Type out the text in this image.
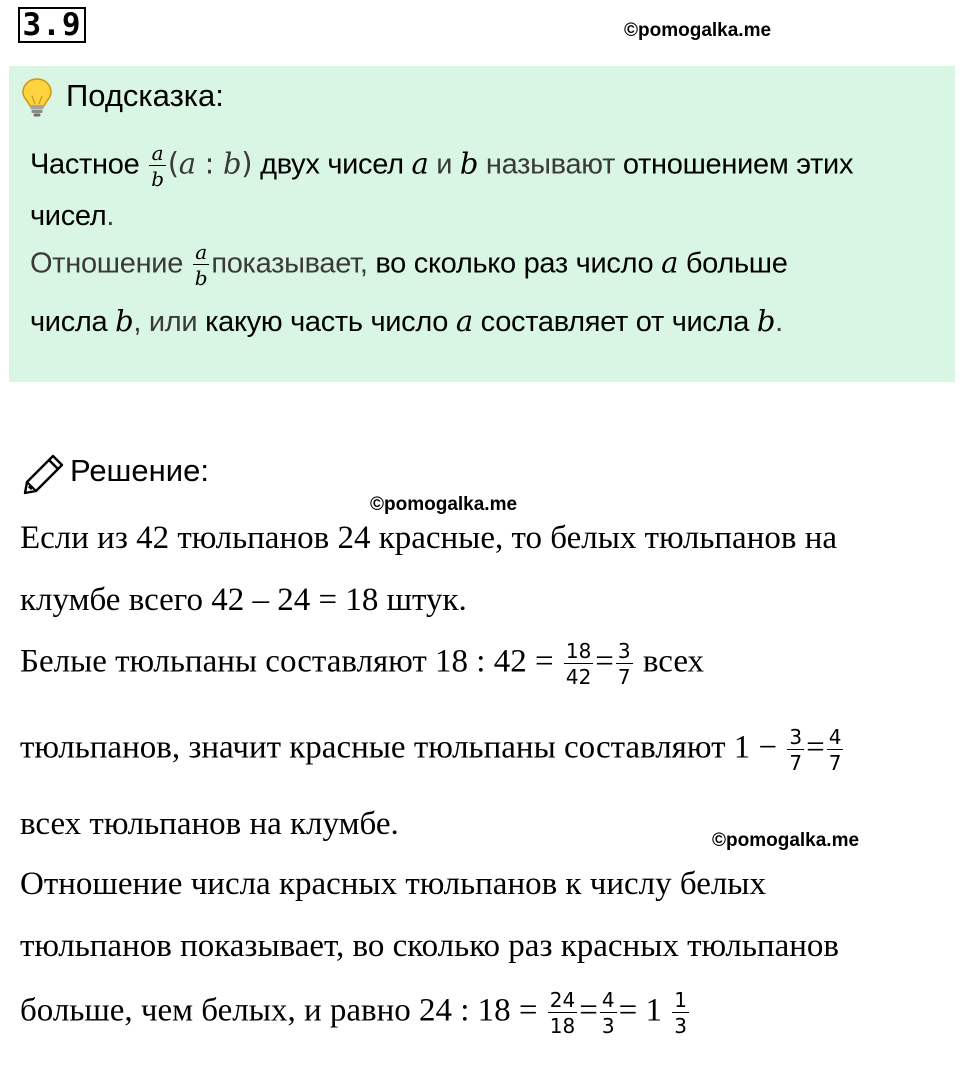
3.9	©pomogalka.me
Подсказка:
Частное $\frac{a}{b} (a$ : b) двух чисел a и b называют отношением этих
чисел.
Отношение $\frac{a}{b}$ показывает, во сколько раз число a больше
числа b, или какую часть число a составляет от числа b.
Решение:
©pomogalka.me
Если из 42 тюльпанов 24 красные, то белых тюльпанов на
клумбе всего 42 – 24 = 18 штук.
Белые тюльпаны составляют 18 : $42 = \frac{18}{42} = \frac{3}{7}$ всех
тюльпанов, значит красные тюльпаны составляют $1 - \frac{3}{7} = \frac{4}{7}$
всех тюльпанов на клумбе.	©pomogalka.me
Отношение числа красных тюльпанов к числу белых
тюльпанов показывает, во сколько раз красных тюльпанов
больше, чем белых, и равно 24 : $18 = \frac{24}{18} = \frac{4}{3} = 1 \frac{1}{3}$
